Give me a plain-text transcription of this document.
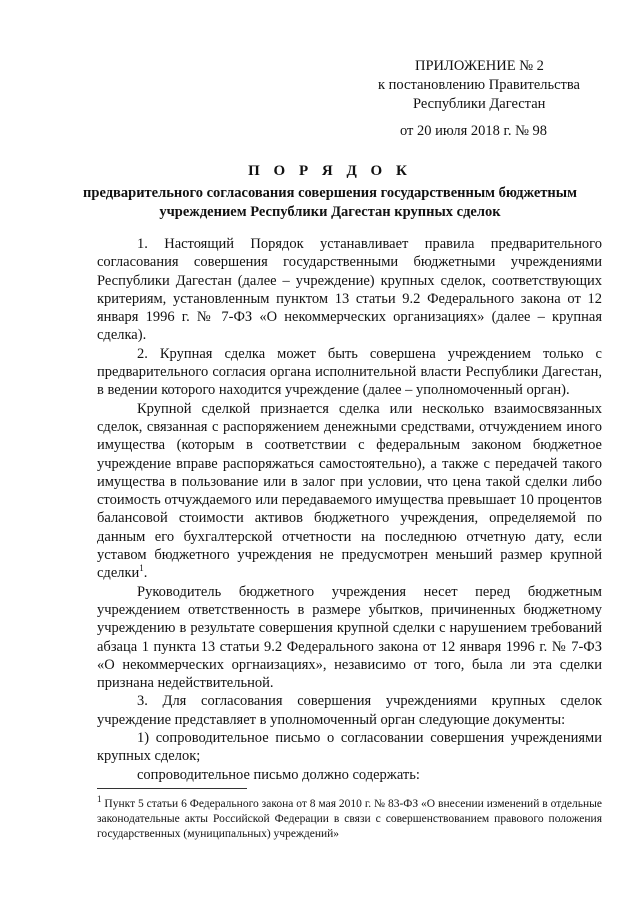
ПРИЛОЖЕНИЕ № 2
к постановлению Правительства
Республики Дагестан
от 20 июля 2018 г. № 98
П О Р Я Д О К
предварительного согласования совершения государственным бюджетным учреждением Республики Дагестан крупных сделок

1. Настоящий Порядок устанавливает правила предварительного согласования совершения государственными бюджетными учреждениями Республики Дагестан (далее – учреждение) крупных сделок, соответствующих критериям, установленным пунктом 13 статьи 9.2 Федерального закона от 12 января 1996 г. № 7-ФЗ «О некоммерческих организациях» (далее – крупная сделка).

2. Крупная сделка может быть совершена учреждением только с предварительного согласия органа исполнительной власти Республики Дагестан, в ведении которого находится учреждение (далее – уполномоченный орган).

Крупной сделкой признается сделка или несколько взаимосвязанных сделок, связанная с распоряжением денежными средствами, отчуждением иного имущества (которым в соответствии с федеральным законом бюджетное учреждение вправе распоряжаться самостоятельно), а также с передачей такого имущества в пользование или в залог при условии, что цена такой сделки либо стоимость отчуждаемого или передаваемого имущества превышает 10 процентов балансовой стоимости активов бюджетного учреждения, определяемой по данным его бухгалтерской отчетности на последнюю отчетную дату, если уставом бюджетного учреждения не предусмотрен меньший размер крупной сделки$^1$.

Руководитель бюджетного учреждения несет перед бюджетным учреждением ответственность в размере убытков, причиненных бюджетному учреждению в результате совершения крупной сделки с нарушением требований абзаца 1 пункта 13 статьи 9.2 Федерального закона от 12 января 1996 г. № 7-ФЗ «О некоммерческих оргнаизациях», независимо от того, была ли эта сделки признана недействительной.

3. Для согласования совершения учреждениями крупных сделок учреждение представляет в уполномоченный орган следующие документы:

1) сопроводительное письмо о согласовании совершения учреждениями крупных сделок;

сопроводительное письмо должно содержать:

$^1$ Пункт 5 статьи 6 Федерального закона от 8 мая 2010 г. № 83-ФЗ «О внесении изменений в отдельные законодательные акты Российской Федерации в связи с совершенствованием правового положения государственных (муниципальных) учреждений»
